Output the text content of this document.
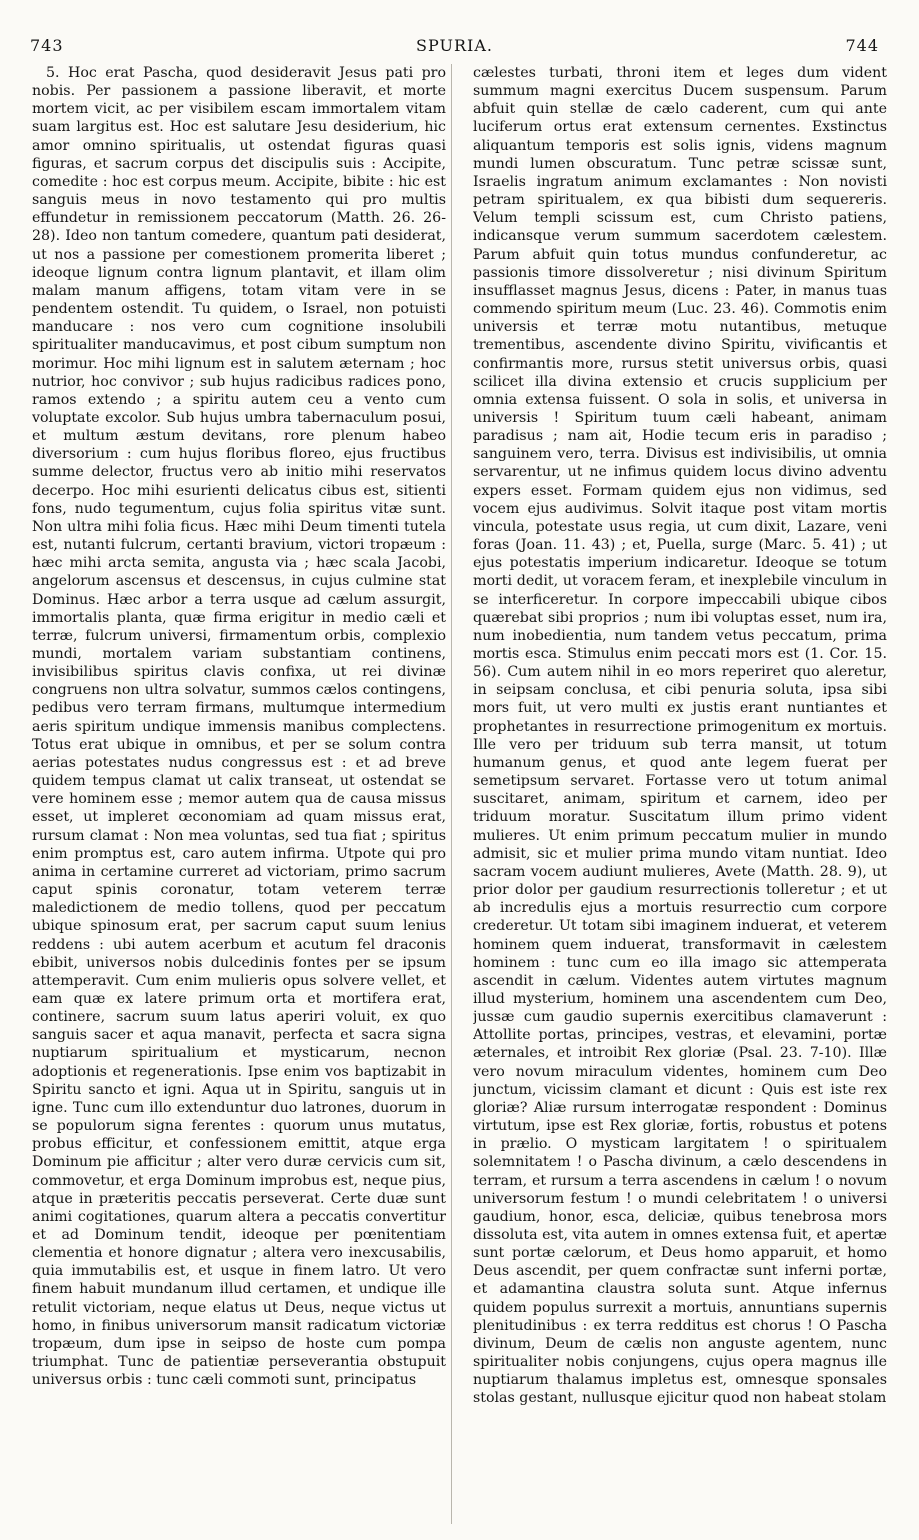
743	SPURIA.	744

5. Hoc erat Pascha, quod desideravit Jesus pati pro nobis. Per passionem a passione liberavit, et morte mortem vicit, ac per visibilem escam immortalem vitam suam largitus est. Hoc est salutare Jesu desiderium, hic amor omnino spiritualis, ut ostendat figuras quasi figuras, et sacrum corpus det discipulis suis : Accipite, comedite : hoc est corpus meum. Accipite, bibite : hic est sanguis meus in novo testamento qui pro multis effundetur in remissionem peccatorum (Matth. 26. 26-28). Ideo non tantum comedere, quantum pati desiderat, ut nos a passione per comestionem promerita liberet ; ideoque lignum contra lignum plantavit, et illam olim malam manum affigens, totam vitam vere in se pendentem ostendit. Tu quidem, o Israel, non potuisti manducare : nos vero cum cognitione insolubili spiritualiter manducavimus, et post cibum sumptum non morimur. Hoc mihi lignum est in salutem æternam ; hoc nutrior, hoc convivor ; sub hujus radicibus radices pono, ramos extendo ; a spiritu autem ceu a vento cum voluptate excolor. Sub hujus umbra tabernaculum posui, et multum æstum devitans, rore plenum habeo diversorium : cum hujus floribus floreo, ejus fructibus summe delector, fructus vero ab initio mihi reservatos decerpo. Hoc mihi esurienti delicatus cibus est, sitienti fons, nudo tegumentum, cujus folia spiritus vitæ sunt. Non ultra mihi folia ficus. Hæc mihi Deum timenti tutela est, nutanti fulcrum, certanti bravium, victori tropæum : hæc mihi arcta semita, angusta via ; hæc scala Jacobi, angelorum ascensus et descensus, in cujus culmine stat Dominus. Hæc arbor a terra usque ad cælum assurgit, immortalis planta, quæ firma erigitur in medio cæli et terræ, fulcrum universi, firmamentum orbis, complexio mundi, mortalem variam substantiam continens, invisibilibus spiritus clavis confixa, ut rei divinæ congruens non ultra solvatur, summos cælos contingens, pedibus vero terram firmans, multumque intermedium aeris spiritum undique immensis manibus complectens. Totus erat ubique in omnibus, et per se solum contra aerias potestates nudus congressus est : et ad breve quidem tempus clamat ut calix transeat, ut ostendat se vere hominem esse ; memor autem qua de causa missus esset, ut impleret œconomiam ad quam missus erat, rursum clamat : Non mea voluntas, sed tua fiat ; spiritus enim promptus est, caro autem infirma. Utpote qui pro anima in certamine curreret ad victoriam, primo sacrum caput spinis coronatur, totam veterem terræ maledictionem de medio tollens, quod per peccatum ubique spinosum erat, per sacrum caput suum lenius reddens : ubi autem acerbum et acutum fel draconis ebibit, universos nobis dulcedinis fontes per se ipsum attemperavit. Cum enim mulieris opus solvere vellet, et eam quæ ex latere primum orta et mortifera erat, continere, sacrum suum latus aperiri voluit, ex quo sanguis sacer et aqua manavit, perfecta et sacra signa nuptiarum spiritualium et mysticarum, necnon adoptionis et regenerationis. Ipse enim vos baptizabit in Spiritu sancto et igni. Aqua ut in Spiritu, sanguis ut in igne. Tunc cum illo extenduntur duo latrones, duorum in se populorum signa ferentes : quorum unus mutatus, probus efficitur, et confessionem emittit, atque erga Dominum pie afficitur ; alter vero duræ cervicis cum sit, commovetur, et erga Dominum improbus est, neque pius, atque in præteritis peccatis perseverat. Certe duæ sunt animi cogitationes, quarum altera a peccatis convertitur et ad Dominum tendit, ideoque per pœnitentiam clementia et honore dignatur ; altera vero inexcusabilis, quia immutabilis est, et usque in finem latro. Ut vero finem habuit mundanum illud certamen, et undique ille retulit victoriam, neque elatus ut Deus, neque victus ut homo, in finibus universorum mansit radicatum victoriæ tropæum, dum ipse in seipso de hoste cum pompa triumphat. Tunc de patientiæ perseverantia obstupuit universus orbis : tunc cæli commoti sunt, principatus

cælestes turbati, throni item et leges dum vident summum magni exercitus Ducem suspensum. Parum abfuit quin stellæ de cælo caderent, cum qui ante luciferum ortus erat extensum cernentes. Exstinctus aliquantum temporis est solis ignis, videns magnum mundi lumen obscuratum. Tunc petræ scissæ sunt, Israelis ingratum animum exclamantes : Non novisti petram spiritualem, ex qua bibisti dum sequereris. Velum templi scissum est, cum Christo patiens, indicansque verum summum sacerdotem cælestem. Parum abfuit quin totus mundus confunderetur, ac passionis timore dissolveretur ; nisi divinum Spiritum insufflasset magnus Jesus, dicens : Pater, in manus tuas commendo spiritum meum (Luc. 23. 46). Commotis enim universis et terræ motu nutantibus, metuque trementibus, ascendente divino Spiritu, vivificantis et confirmantis more, rursus stetit universus orbis, quasi scilicet illa divina extensio et crucis supplicium per omnia extensa fuissent. O sola in solis, et universa in universis ! Spiritum tuum cæli habeant, animam paradisus ; nam ait, Hodie tecum eris in paradiso ; sanguinem vero, terra. Divisus est indivisibilis, ut omnia servarentur, ut ne infimus quidem locus divino adventu expers esset. Formam quidem ejus non vidimus, sed vocem ejus audivimus. Solvit itaque post vitam mortis vincula, potestate usus regia, ut cum dixit, Lazare, veni foras (Joan. 11. 43) ; et, Puella, surge (Marc. 5. 41) ; ut ejus potestatis imperium indicaretur. Ideoque se totum morti dedit, ut voracem feram, et inexplebile vinculum in se interficeretur. In corpore impeccabili ubique cibos quærebat sibi proprios ; num ibi voluptas esset, num ira, num inobedientia, num tandem vetus peccatum, prima mortis esca. Stimulus enim peccati mors est (1. Cor. 15. 56). Cum autem nihil in eo mors reperiret quo aleretur, in seipsam conclusa, et cibi penuria soluta, ipsa sibi mors fuit, ut vero multi ex justis erant nuntiantes et prophetantes in resurrectione primogenitum ex mortuis. Ille vero per triduum sub terra mansit, ut totum humanum genus, et quod ante legem fuerat per semetipsum servaret. Fortasse vero ut totum animal suscitaret, animam, spiritum et carnem, ideo per triduum moratur. Suscitatum illum primo vident mulieres. Ut enim primum peccatum mulier in mundo admisit, sic et mulier prima mundo vitam nuntiat. Ideo sacram vocem audiunt mulieres, Avete (Matth. 28. 9), ut prior dolor per gaudium resurrectionis tolleretur ; et ut ab incredulis ejus a mortuis resurrectio cum corpore crederetur. Ut totam sibi imaginem induerat, et veterem hominem quem induerat, transformavit in cælestem hominem : tunc cum eo illa imago sic attemperata ascendit in cælum. Videntes autem virtutes magnum illud mysterium, hominem una ascendentem cum Deo, jussæ cum gaudio supernis exercitibus clamaverunt : Attollite portas, principes, vestras, et elevamini, portæ æternales, et introibit Rex gloriæ (Psal. 23. 7-10). Illæ vero novum miraculum videntes, hominem cum Deo junctum, vicissim clamant et dicunt : Quis est iste rex gloriæ? Aliæ rursum interrogatæ respondent : Dominus virtutum, ipse est Rex gloriæ, fortis, robustus et potens in prælio. O mysticam largitatem ! o spiritualem solemnitatem ! o Pascha divinum, a cælo descendens in terram, et rursum a terra ascendens in cælum ! o novum universorum festum ! o mundi celebritatem ! o universi gaudium, honor, esca, deliciæ, quibus tenebrosa mors dissoluta est, vita autem in omnes extensa fuit, et apertæ sunt portæ cælorum, et Deus homo apparuit, et homo Deus ascendit, per quem confractæ sunt inferni portæ, et adamantina claustra soluta sunt. Atque infernus quidem populus surrexit a mortuis, annuntians supernis plenitudinibus : ex terra redditus est chorus ! O Pascha divinum, Deum de cælis non anguste agentem, nunc spiritualiter nobis conjungens, cujus opera magnus ille nuptiarum thalamus impletus est, omnesque sponsales stolas gestant, nullusque ejicitur quod non habeat stolam
